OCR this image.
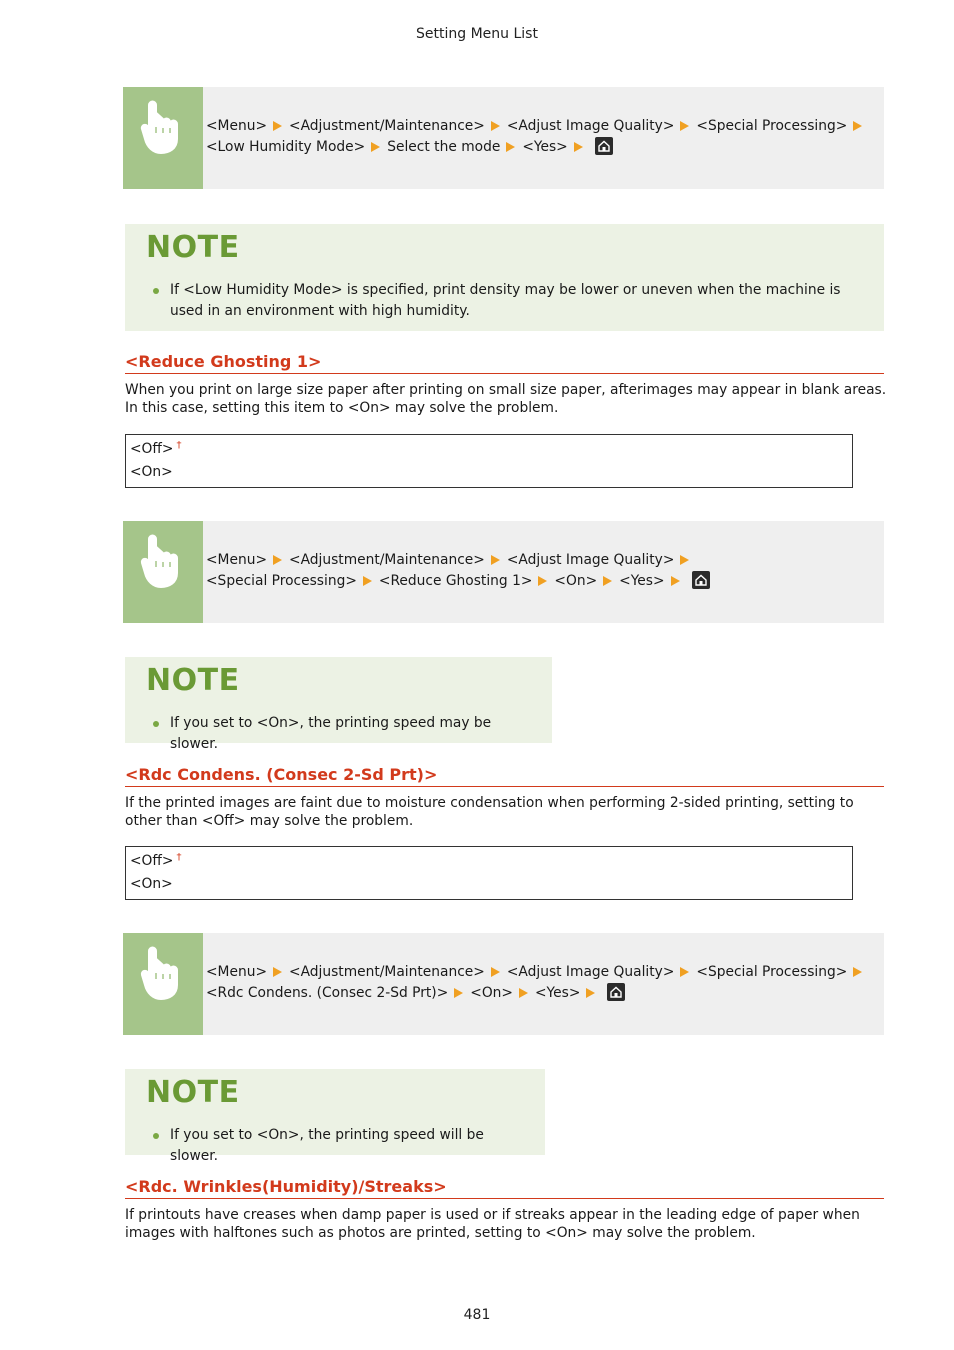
Setting Menu List
<Menu> <Adjustment/Maintenance> <Adjust Image Quality> <Special Processing><Low Humidity Mode> Select the mode <Yes>
NOTE
If <Low Humidity Mode> is specified, print density may be lower or uneven when the machine is used in an environment with high humidity.
<Reduce Ghosting 1>
When you print on large size paper after printing on small size paper, afterimages may appear in blank areas. In this case, setting this item to <On> may solve the problem.
<Off> †
<On>
<Menu> <Adjustment/Maintenance> <Adjust Image Quality><Special Processing> <Reduce Ghosting 1> <On> <Yes>
NOTE
If you set to <On>, the printing speed may be slower.
<Rdc Condens. (Consec 2-Sd Prt)>
If the printed images are faint due to moisture condensation when performing 2-sided printing, setting to other than <Off> may solve the problem.
<Off> †
<On>
<Menu> <Adjustment/Maintenance> <Adjust Image Quality> <Special Processing><Rdc Condens. (Consec 2-Sd Prt)> <On> <Yes>
NOTE
If you set to <On>, the printing speed will be slower.
<Rdc. Wrinkles(Humidity)/Streaks>
If printouts have creases when damp paper is used or if streaks appear in the leading edge of paper when images with halftones such as photos are printed, setting to <On> may solve the problem.
481
